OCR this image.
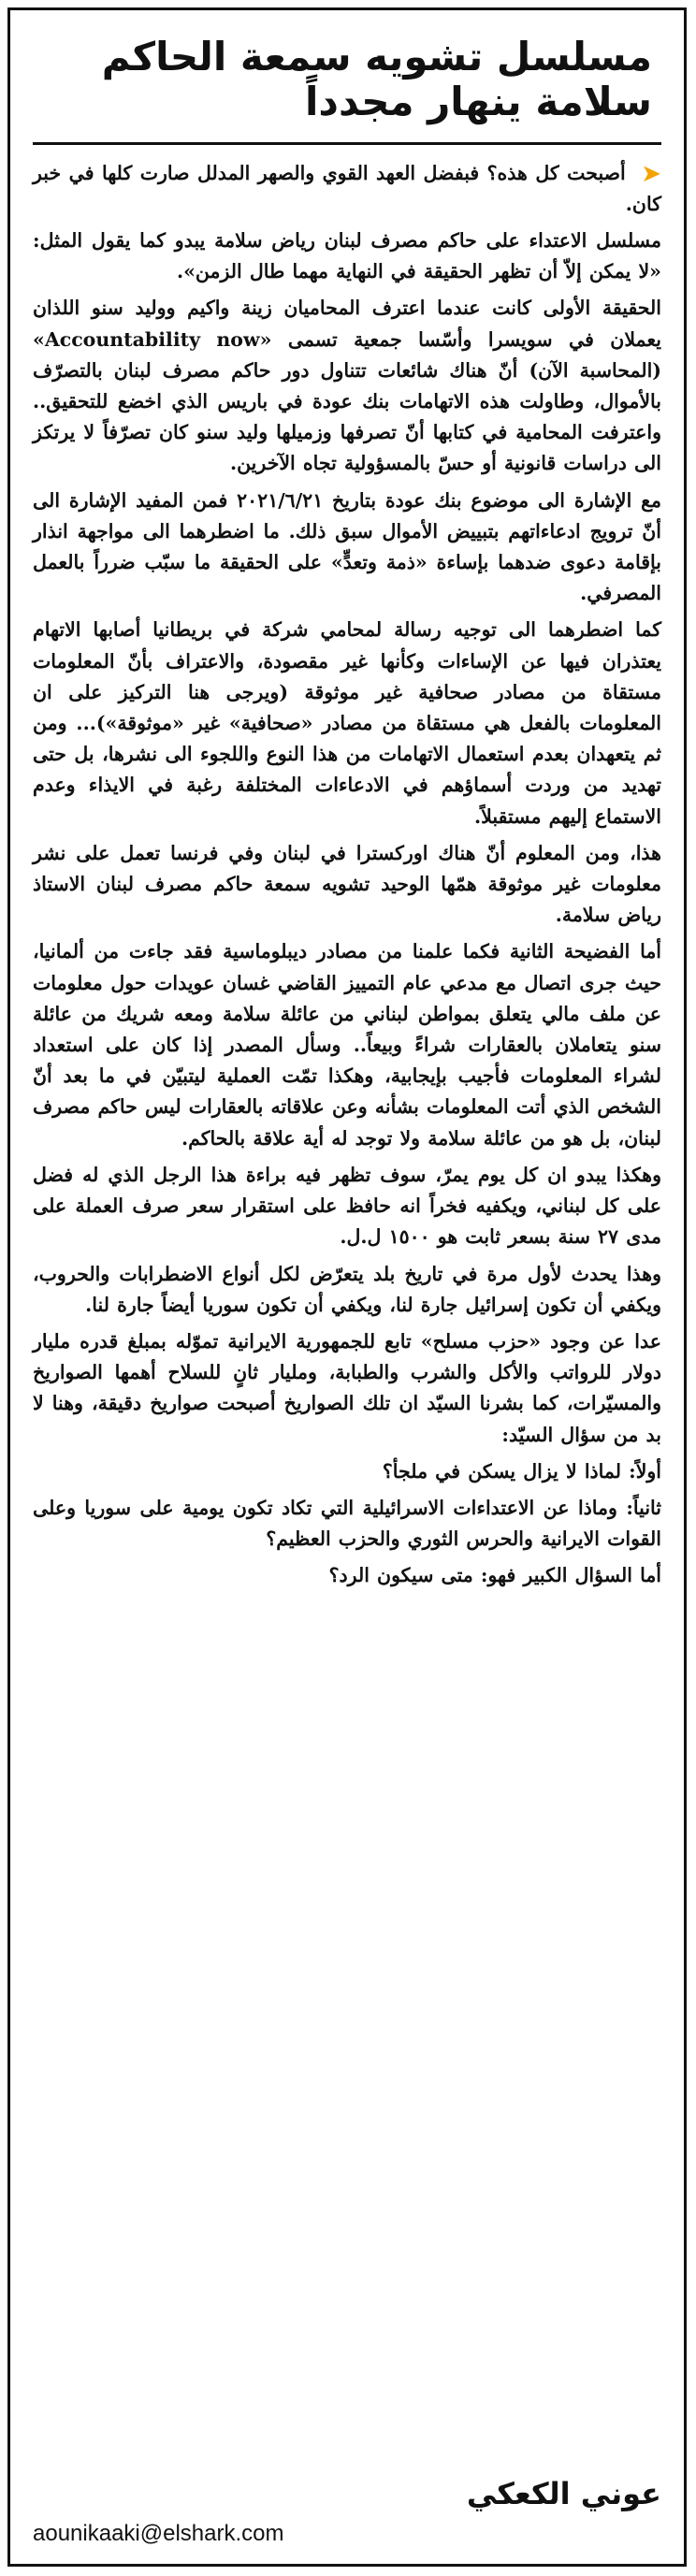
مسلسل تشويه سمعة الحاكم سلامة ينهار مجدداً

➤ أصبحت كل هذه؟ فبفضل العهد القوي والصهر المدلل صارت كلها في خبر كان.

مسلسل الاعتداء على حاكم مصرف لبنان رياض سلامة يبدو كما يقول المثل: «لا يمكن إلاّ أن تظهر الحقيقة في النهاية مهما طال الزمن».

الحقيقة الأولى كانت عندما اعترف المحاميان زينة واكيم ووليد سنو اللذان يعملان في سويسرا وأسّسا جمعية تسمى «Accountability now» (المحاسبة الآن) أنّ هناك شائعات تتناول دور حاكم مصرف لبنان بالتصرّف بالأموال، وطاولت هذه الاتهامات بنك عودة في باريس الذي اخضع للتحقيق.. واعترفت المحامية في كتابها أنّ تصرفها وزميلها وليد سنو كان تصرّفاً لا يرتكز الى دراسات قانونية أو حسّ بالمسؤولية تجاه الآخرين.

مع الإشارة الى موضوع بنك عودة بتاريخ ٢٠٢١/٦/٢١ فمن المفيد الإشارة الى أنّ ترويج ادعاءاتهم بتبييض الأموال سبق ذلك. ما اضطرهما الى مواجهة انذار بإقامة دعوى ضدهما بإساءة «ذمة وتعدٍّ» على الحقيقة ما سبّب ضرراً بالعمل المصرفي.

كما اضطرهما الى توجيه رسالة لمحامي شركة في بريطانيا أصابها الاتهام يعتذران فيها عن الإساءات وكأنها غير مقصودة، والاعتراف بأنّ المعلومات مستقاة من مصادر صحافية غير موثوقة (ويرجى هنا التركيز على ان المعلومات بالفعل هي مستقاة من مصادر «صحافية» غير «موثوقة»)... ومن ثم يتعهدان بعدم استعمال الاتهامات من هذا النوع واللجوء الى نشرها، بل حتى تهديد من وردت أسماؤهم في الادعاءات المختلفة رغبة في الايذاء وعدم الاستماع إليهم مستقبلاً.

هذا، ومن المعلوم أنّ هناك اوركسترا في لبنان وفي فرنسا تعمل على نشر معلومات غير موثوقة همّها الوحيد تشويه سمعة حاكم مصرف لبنان الاستاذ رياض سلامة.

أما الفضيحة الثانية فكما علمنا من مصادر ديبلوماسية فقد جاءت من ألمانيا، حيث جرى اتصال مع مدعي عام التمييز القاضي غسان عويدات حول معلومات عن ملف مالي يتعلق بمواطن لبناني من عائلة سلامة ومعه شريك من عائلة سنو يتعاملان بالعقارات شراءً وبيعاً.. وسأل المصدر إذا كان على استعداد لشراء المعلومات فأجيب بإيجابية، وهكذا تمّت العملية ليتبيّن في ما بعد أنّ الشخص الذي أتت المعلومات بشأنه وعن علاقاته بالعقارات ليس حاكم مصرف لبنان، بل هو من عائلة سلامة ولا توجد له أية علاقة بالحاكم.

وهكذا يبدو ان كل يوم يمرّ، سوف تظهر فيه براءة هذا الرجل الذي له فضل على كل لبناني، ويكفيه فخراً انه حافظ على استقرار سعر صرف العملة على مدى ٢٧ سنة بسعر ثابت هو ١٥٠٠ ل.ل.

وهذا يحدث لأول مرة في تاريخ بلد يتعرّض لكل أنواع الاضطرابات والحروب، ويكفي أن تكون إسرائيل جارة لنا، ويكفي أن تكون سوريا أيضاً جارة لنا.

عدا عن وجود «حزب مسلح» تابع للجمهورية الايرانية تموّله بمبلغ قدره مليار دولار للرواتب والأكل والشرب والطبابة، ومليار ثانٍ للسلاح أهمها الصواريخ والمسيّرات، كما بشرنا السيّد ان تلك الصواريخ أصبحت صواريخ دقيقة، وهنا لا بد من سؤال السيّد:

أولاً: لماذا لا يزال يسكن في ملجأ؟

ثانياً: وماذا عن الاعتداءات الاسرائيلية التي تكاد تكون يومية على سوريا وعلى القوات الايرانية والحرس الثوري والحزب العظيم؟

أما السؤال الكبير فهو: متى سيكون الرد؟

عوني الكعكي
aounikaaki@elshark.com
